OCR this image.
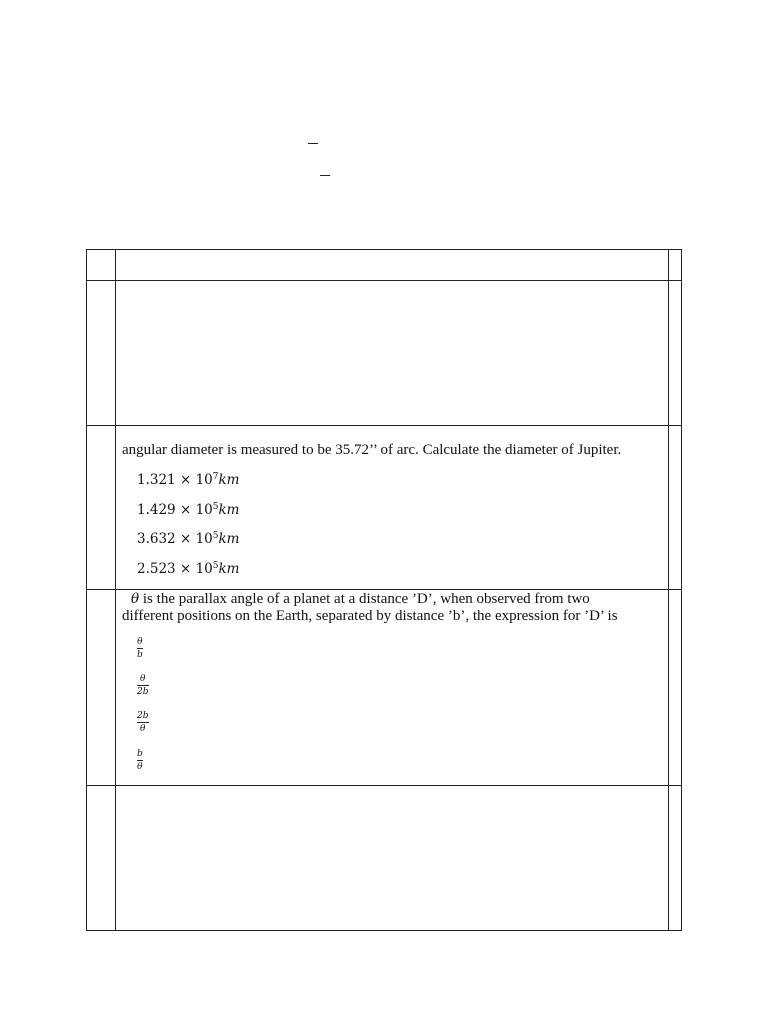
angular diameter is measured to be 35.72’’ of arc. Calculate the diameter of Jupiter.
$1.321 \times 10^7km$
$1.429 \times 10^5km$
$3.632 \times 10^5km$
$2.523 \times 10^5km$
θ is the parallax angle of a planet at a distance ’D’, when observed from two
different positions on the Earth, separated by distance ’b’, the expression for ’D’ is
θ
b
θ
2b
2b
θ
b
θ
